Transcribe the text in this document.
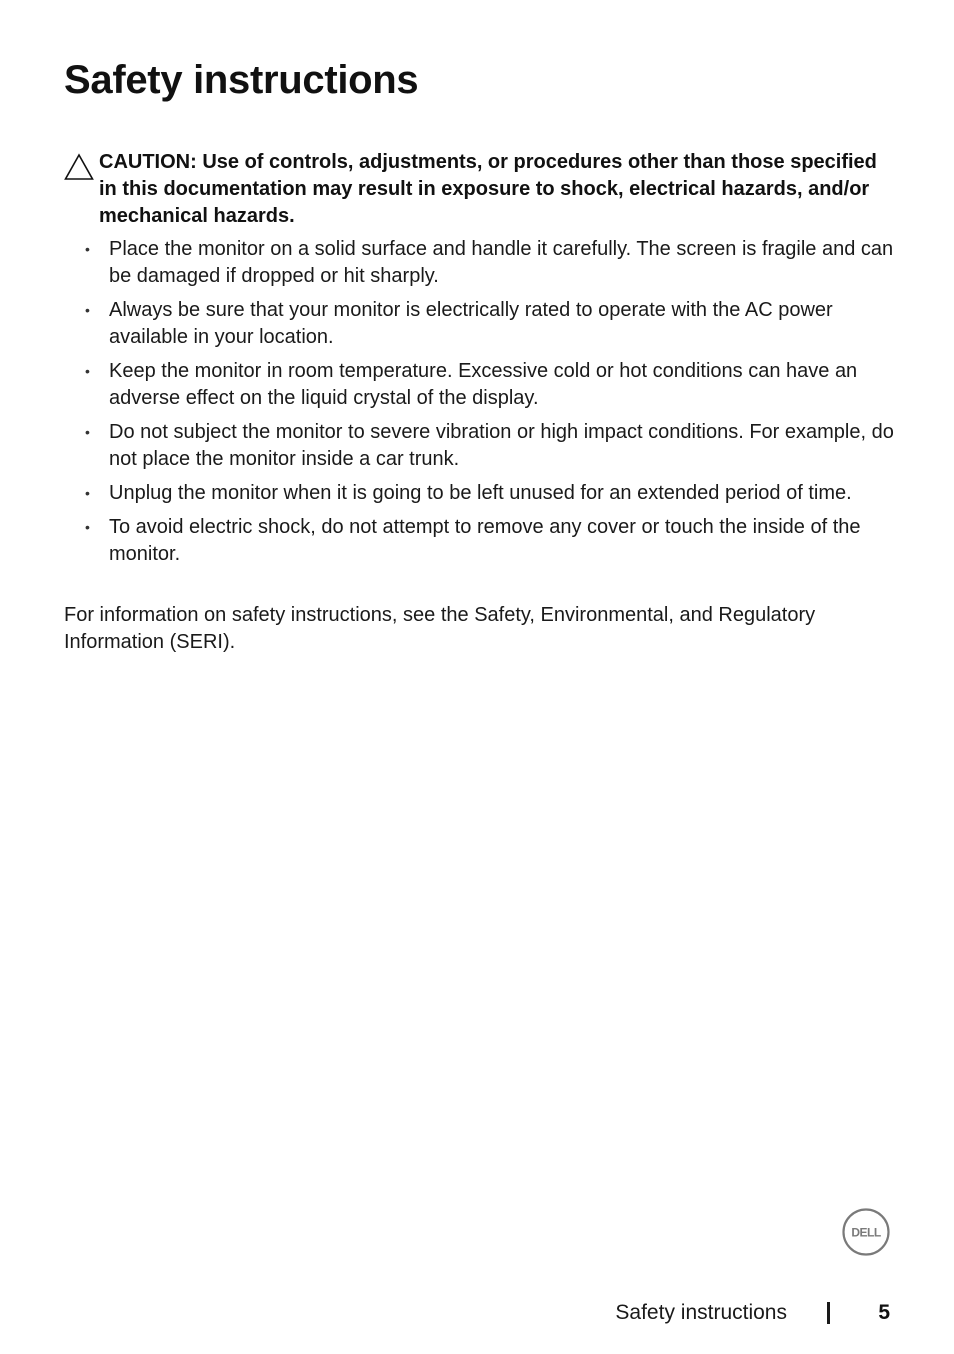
Safety instructions

CAUTION: Use of controls, adjustments, or procedures other than those specified in this documentation may result in exposure to shock, electrical hazards, and/or mechanical hazards.

• Place the monitor on a solid surface and handle it carefully. The screen is fragile and can be damaged if dropped or hit sharply.
• Always be sure that your monitor is electrically rated to operate with the AC power available in your location.
• Keep the monitor in room temperature. Excessive cold or hot conditions can have an adverse effect on the liquid crystal of the display.
• Do not subject the monitor to severe vibration or high impact conditions. For example, do not place the monitor inside a car trunk.
• Unplug the monitor when it is going to be left unused for an extended period of time.
• To avoid electric shock, do not attempt to remove any cover or touch the inside of the monitor.

For information on safety instructions, see the Safety, Environmental, and Regulatory Information (SERI).

DELL
Safety instructions	5
